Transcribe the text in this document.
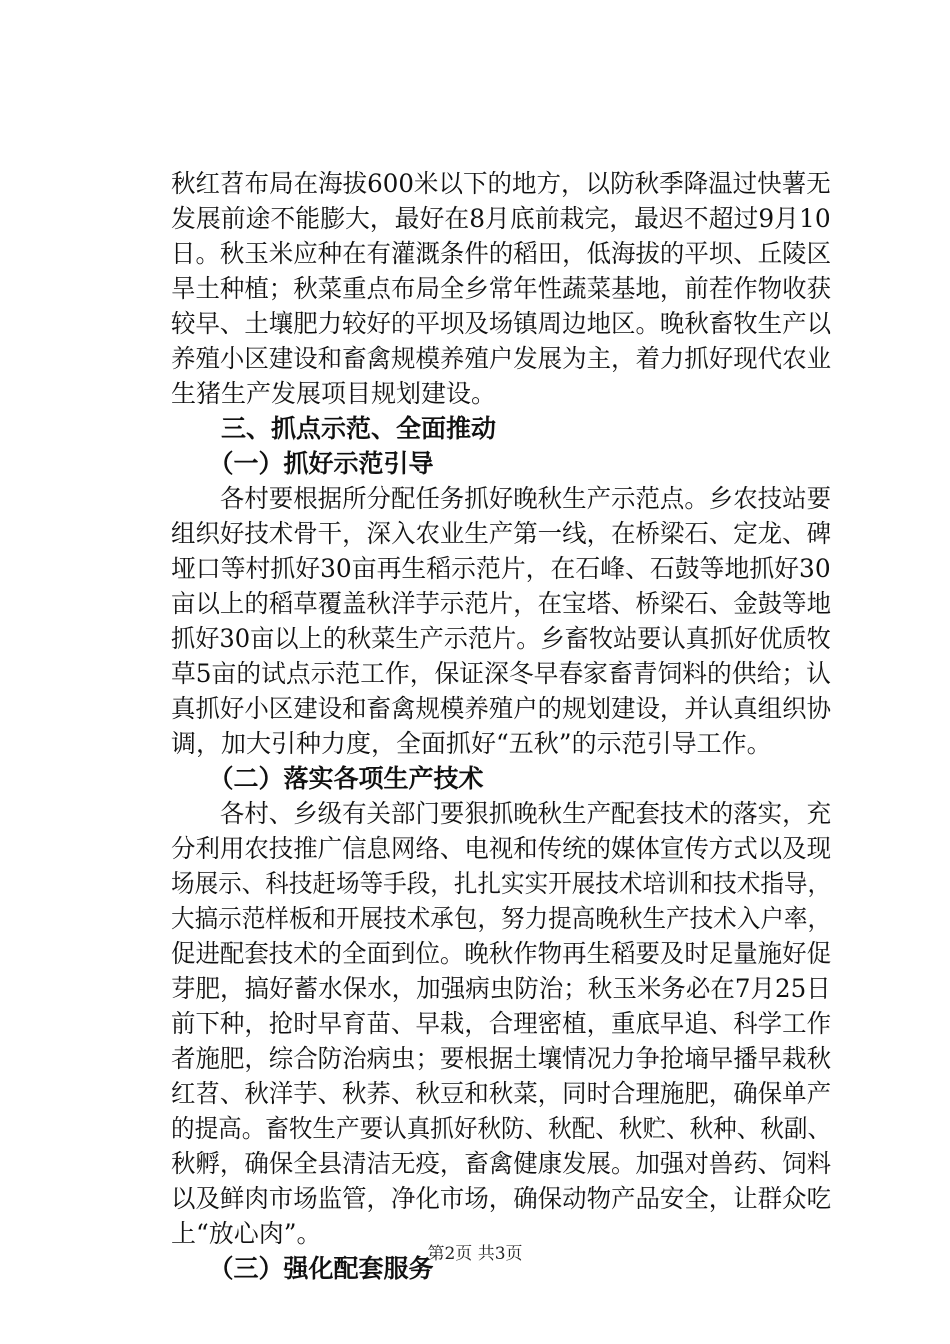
秋红苕布局在海拔600米以下的地方，以防秋季降温过快薯无
发展前途不能膨大，最好在8月底前栽完，最迟不超过9月10
日。秋玉米应种在有灌溉条件的稻田，低海拔的平坝、丘陵区
旱土种植；秋菜重点布局全乡常年性蔬菜基地，前茬作物收获
较早、土壤肥力较好的平坝及场镇周边地区。晚秋畜牧生产以
养殖小区建设和畜禽规模养殖户发展为主，着力抓好现代农业
生猪生产发展项目规划建设。
　　三、抓点示范、全面推动
　　（一）抓好示范引导
　　各村要根据所分配任务抓好晚秋生产示范点。乡农技站要
组织好技术骨干，深入农业生产第一线，在桥梁石、定龙、碑
垭口等村抓好30亩再生稻示范片，在石峰、石鼓等地抓好30
亩以上的稻草覆盖秋洋芋示范片，在宝塔、桥梁石、金鼓等地
抓好30亩以上的秋菜生产示范片。乡畜牧站要认真抓好优质牧
草5亩的试点示范工作，保证深冬早春家畜青饲料的供给；认
真抓好小区建设和畜禽规模养殖户的规划建设，并认真组织协
调，加大引种力度，全面抓好“五秋”的示范引导工作。
　　（二）落实各项生产技术
　　各村、乡级有关部门要狠抓晚秋生产配套技术的落实，充
分利用农技推广信息网络、电视和传统的媒体宣传方式以及现
场展示、科技赶场等手段，扎扎实实开展技术培训和技术指导，
大搞示范样板和开展技术承包，努力提高晚秋生产技术入户率，
促进配套技术的全面到位。晚秋作物再生稻要及时足量施好促
芽肥，搞好蓄水保水，加强病虫防治；秋玉米务必在7月25日
前下种，抢时早育苗、早栽，合理密植，重底早追、科学工作
者施肥，综合防治病虫；要根据土壤情况力争抢墒早播早栽秋
红苕、秋洋芋、秋荞、秋豆和秋菜，同时合理施肥，确保单产
的提高。畜牧生产要认真抓好秋防、秋配、秋贮、秋种、秋副、
秋孵，确保全县清洁无疫，畜禽健康发展。加强对兽药、饲料
以及鲜肉市场监管，净化市场，确保动物产品安全，让群众吃
上“放心肉”。
　　（三）强化配套服务
第2页 共3页
